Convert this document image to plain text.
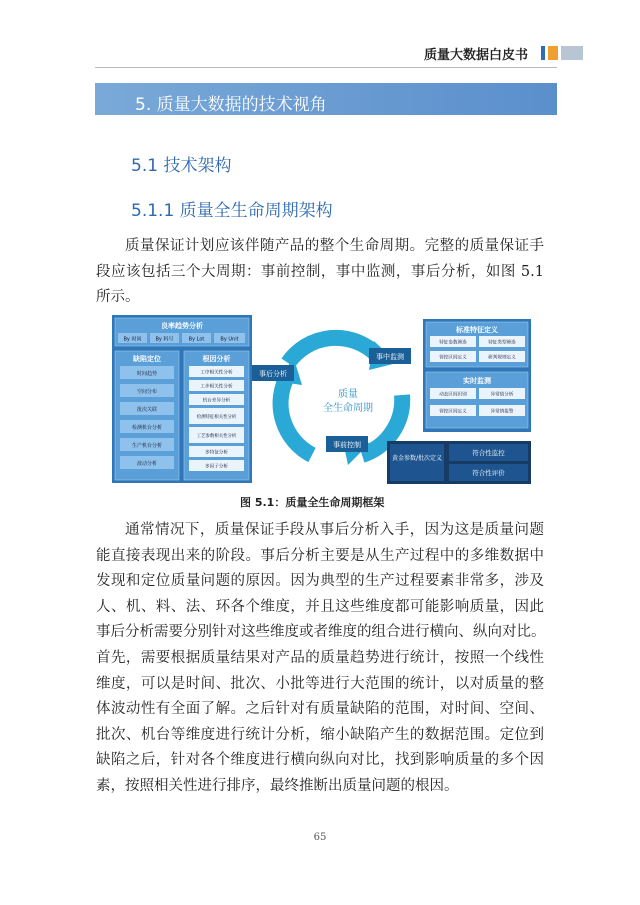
质量大数据白皮书
5. 质量大数据的技术视角
5.1 技术架构
5.1.1 质量全生命周期架构
质量保证计划应该伴随产品的整个生命周期。完整的质量保证手
段应该包括三个大周期：事前控制，事中监测，事后分析，如图 5.1
所示。
良率趋势分析
By 时间	By 料号	By Lot	By Unit
缺陷定位
时间趋势
空间分布
批次关联
检测机台分析
生产机台分析
波动分析
根因分析
工序相关性分析
工步相关性分析
机台差异分析
检测特征相关性分析
工艺参数相关性分析
多特征分析
多因子分析
质量
全生命周期
事中监测
事后分析
事前控制
标准特征定义
特征参数筛选	特征类型筛选
管控区间定义	研判规则定义
实时监测
动态区间识别	异常值分析
管控区间定义	异常情报警
黄金参数/批次定义
符合性监控
符合性评价
图 5.1：质量全生命周期框架
通常情况下，质量保证手段从事后分析入手，因为这是质量问题
能直接表现出来的阶段。事后分析主要是从生产过程中的多维数据中
发现和定位质量问题的原因。因为典型的生产过程要素非常多，涉及
人、机、料、法、环各个维度，并且这些维度都可能影响质量，因此
事后分析需要分别针对这些维度或者维度的组合进行横向、纵向对比。
首先，需要根据质量结果对产品的质量趋势进行统计，按照一个线性
维度，可以是时间、批次、小批等进行大范围的统计，以对质量的整
体波动性有全面了解。之后针对有质量缺陷的范围，对时间、空间、
批次、机台等维度进行统计分析，缩小缺陷产生的数据范围。定位到
缺陷之后，针对各个维度进行横向纵向对比，找到影响质量的多个因
素，按照相关性进行排序，最终推断出质量问题的根因。
65
